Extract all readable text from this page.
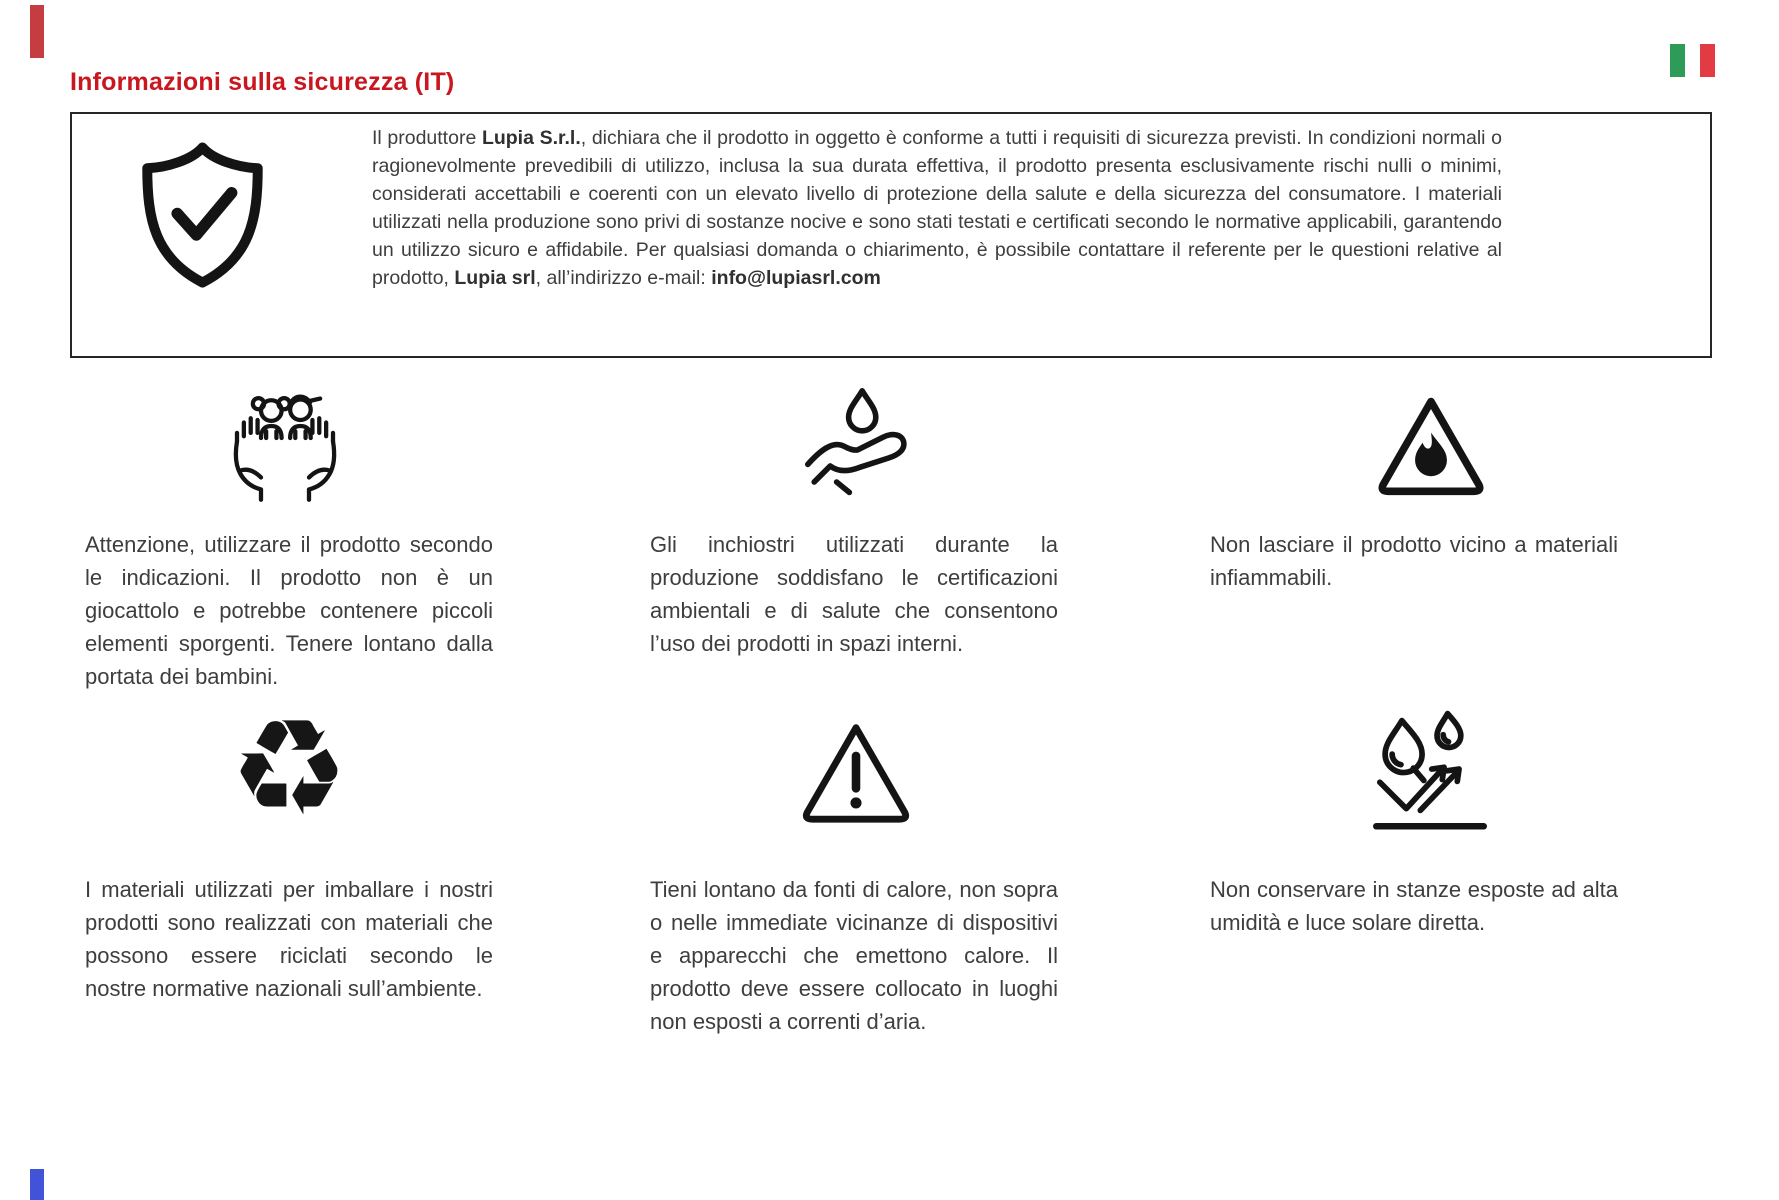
Informazioni sulla sicurezza (IT)
Il produttore Lupia S.r.l., dichiara che il prodotto in oggetto è conforme a tutti i requisiti di sicurezza previsti. In condizioni normali o ragionevolmente prevedibili di utilizzo, inclusa la sua durata effettiva, il prodotto presenta esclusivamente rischi nulli o minimi, considerati accettabili e coerenti con un elevato livello di protezione della salute e della sicurezza del consumatore. I materiali utilizzati nella produzione sono privi di sostanze nocive e sono stati testati e certificati secondo le normative applicabili, garantendo un utilizzo sicuro e affidabile. Per qualsiasi domanda o chiarimento, è possibile contattare il referente per le questioni relative al prodotto, Lupia srl, all’indirizzo e-mail: info@lupiasrl.com
♻
Attenzione, utilizzare il prodotto secondo le indicazioni. Il prodotto non è un giocattolo e potrebbe contenere piccoli elementi sporgenti. Tenere lontano dalla portata dei bambini.
Gli inchiostri utilizzati durante la produzione soddisfano le certificazioni ambientali e di salute che consentono l’uso dei prodotti in spazi interni.
Non lasciare il prodotto vicino a materiali infiammabili.
I materiali utilizzati per imballare i nostri prodotti sono realizzati con materiali che possono essere riciclati secondo le nostre normative nazionali sull’ambiente.
Tieni lontano da fonti di calore, non sopra o nelle immediate vicinanze di dispositivi e apparecchi che emettono calore. Il prodotto deve essere collocato in luoghi non esposti a correnti d’aria.
Non conservare in stanze esposte ad alta umidità e luce solare diretta.
